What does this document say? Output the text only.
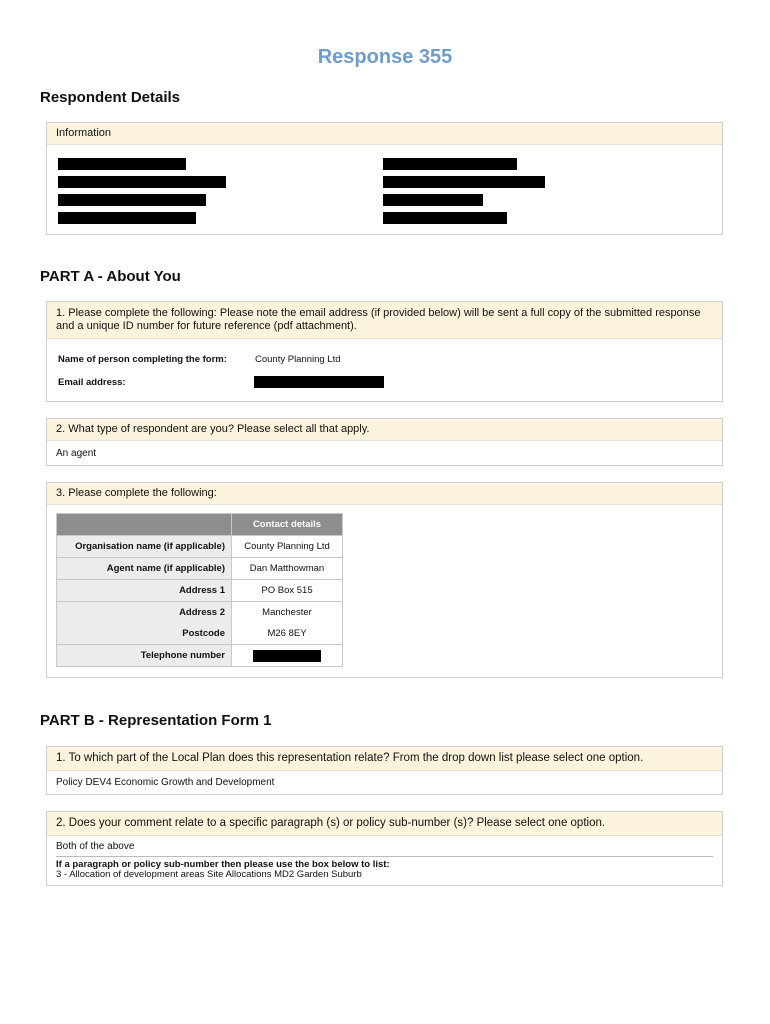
Response 355
Respondent Details
Information
PART A - About You
1. Please complete the following: Please note the email address (if provided below) will be sent a full copy of the submitted response and a unique ID number for future reference (pdf attachment).
Name of person completing the form:	County Planning Ltd
Email address:
2. What type of respondent are you? Please select all that apply.
An agent
3. Please complete the following:
	Contact details
Organisation name (if applicable)	County Planning Ltd
Agent name (if applicable)	Dan Matthowman
Address 1	PO Box 515
Address 2	Manchester
Postcode	M26 8EY
Telephone number	
PART B - Representation Form 1
1. To which part of the Local Plan does this representation relate? From the drop down list please select one option.
Policy DEV4 Economic Growth and Development
2. Does your comment relate to a specific paragraph (s) or policy sub-number (s)? Please select one option.
Both of the above
If a paragraph or policy sub-number then please use the box below to list:
3 - Allocation of development areas Site Allocations MD2 Garden Suburb
